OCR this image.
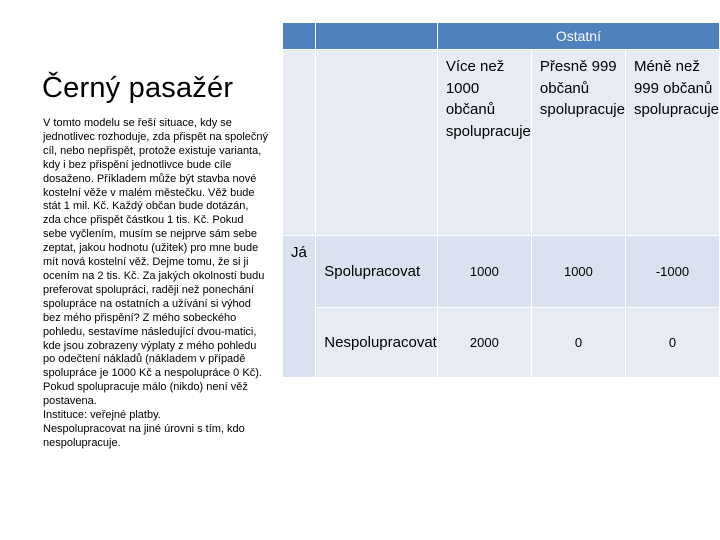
Černý pasažér

V tomto modelu se řeší situace, kdy se jednotlivec rozhoduje, zda přispět na společný cíl, nebo nepřispět, protože existuje varianta, kdy i bez přispění jednotlivce bude cíle dosaženo. Příkladem může být stavba nové kostelní věže v malém městečku. Věž bude stát 1 mil. Kč. Každý občan bude dotázán, zda chce přispět částkou 1 tis. Kč. Pokud sebe vyčlením, musím se nejprve sám sebe zeptat, jakou hodnotu (užitek) pro mne bude mít nová kostelní věž. Dejme tomu, že si ji ocením na 2 tis. Kč. Za jakých okolností budu preferovat spolupráci, raději než ponechání spolupráce na ostatních a užívání si výhod bez mého přispění? Z mého sobeckého pohledu, sestavíme následující dvou-matici, kde jsou zobrazeny výplaty z mého pohledu po odečtení nákladů (nákladem v případě spolupráce je 1000 Kč a nespolupráce 0 Kč).

Pokud spolupracuje málo (nikdo) není věž postavena.

Instituce: veřejné platby.

Nespolupracovat na jiné úrovni s tím, kdo nespolupracuje.

		Ostatní		
		Více než 1000 občanů spolupracuje	Přesně 999 občanů spolupracuje	Méně než 999 občanů spolupracuje
Já	Spolupracovat	1000	1000	-1000
	Nespolupracovat	2000	0	0
